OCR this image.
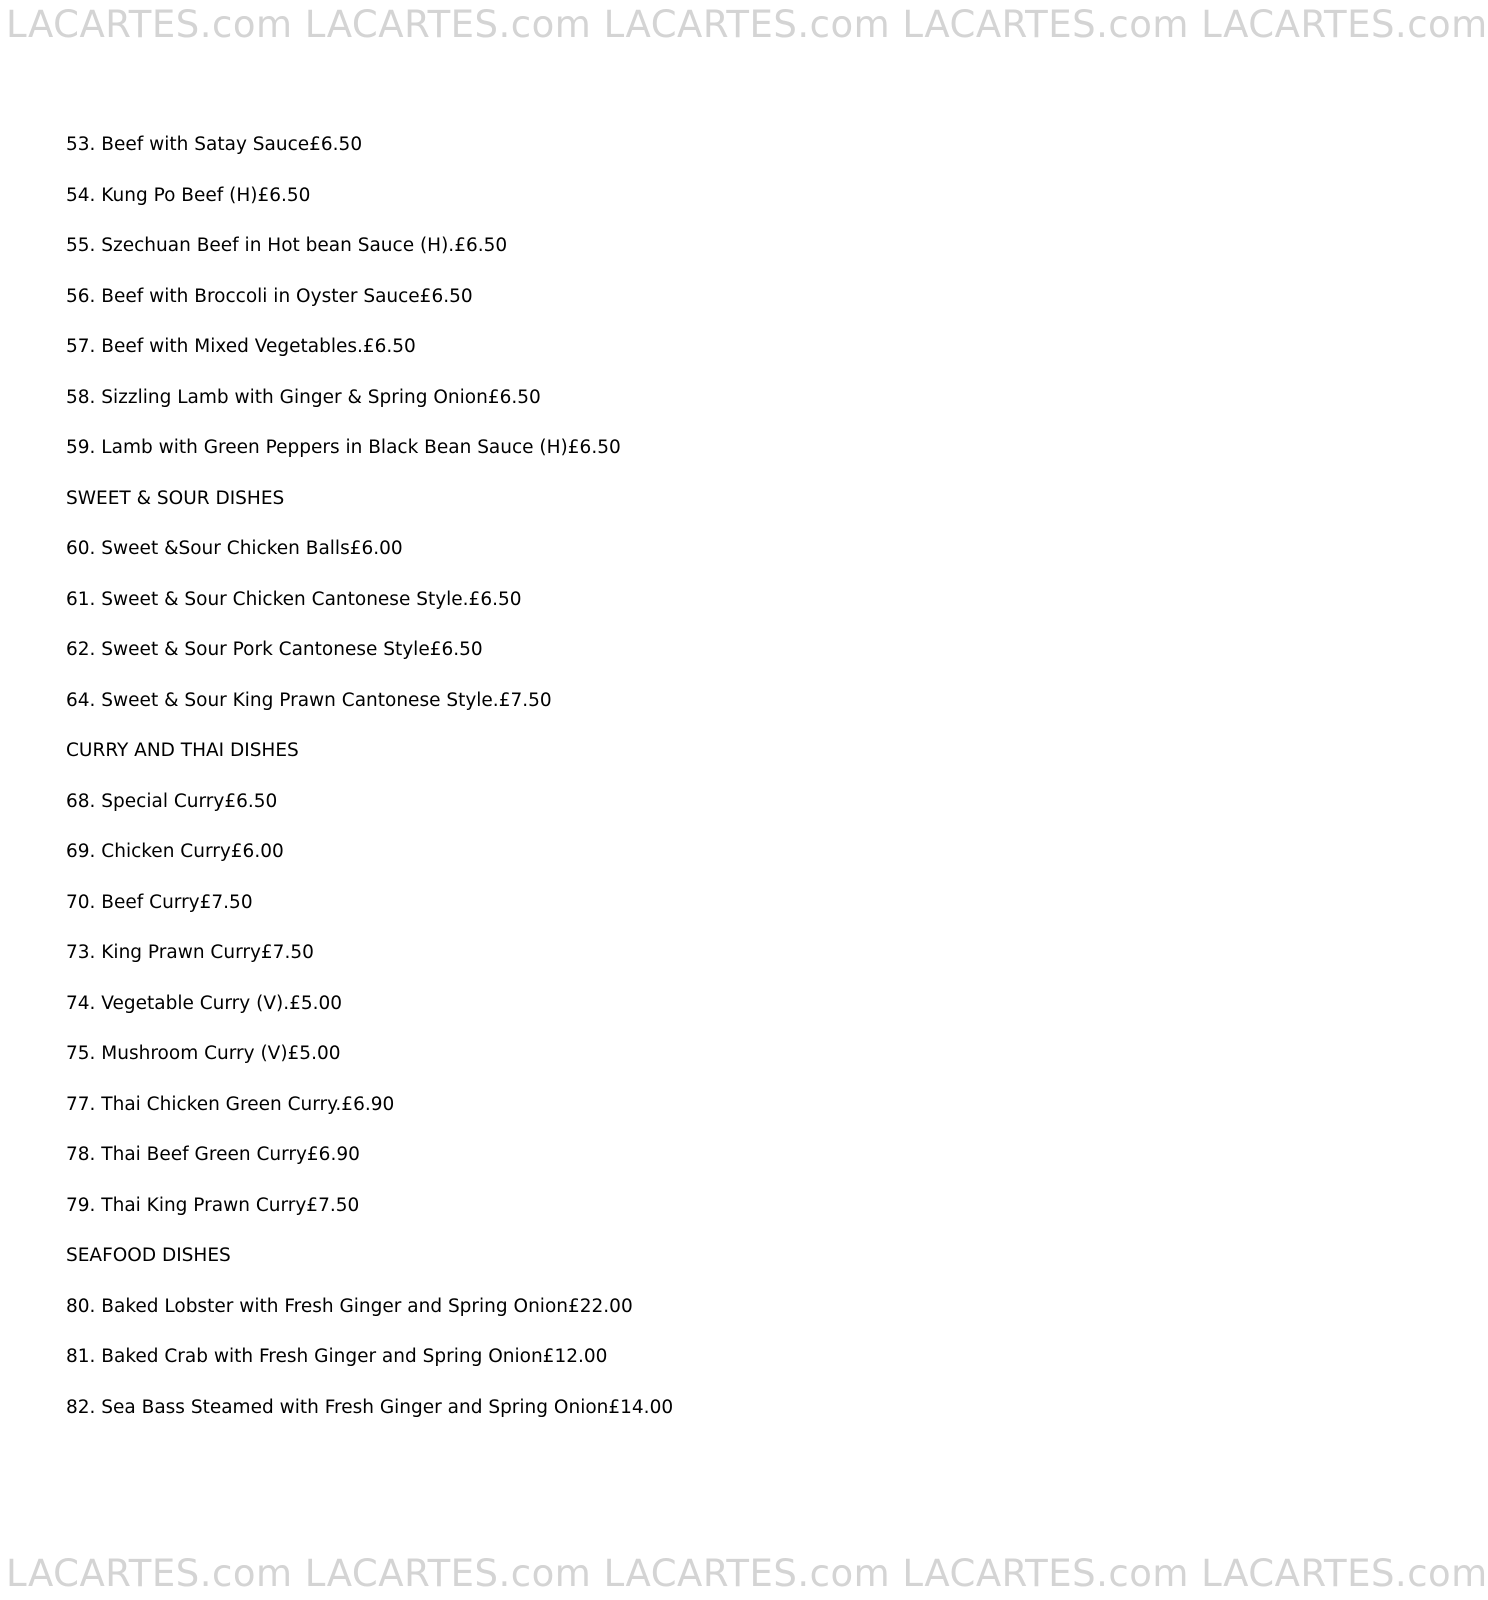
LACARTES.com LACARTES.com LACARTES.com LACARTES.com LACARTES.com
53. Beef with Satay Sauce£6.50
54. Kung Po Beef (H)£6.50
55. Szechuan Beef in Hot bean Sauce (H).£6.50
56. Beef with Broccoli in Oyster Sauce£6.50
57. Beef with Mixed Vegetables.£6.50
58. Sizzling Lamb with Ginger & Spring Onion£6.50
59. Lamb with Green Peppers in Black Bean Sauce (H)£6.50
SWEET & SOUR DISHES
60. Sweet &Sour Chicken Balls£6.00
61. Sweet & Sour Chicken Cantonese Style.£6.50
62. Sweet & Sour Pork Cantonese Style£6.50
64. Sweet & Sour King Prawn Cantonese Style.£7.50
CURRY AND THAI DISHES
68. Special Curry£6.50
69. Chicken Curry£6.00
70. Beef Curry£7.50
73. King Prawn Curry£7.50
74. Vegetable Curry (V).£5.00
75. Mushroom Curry (V)£5.00
77. Thai Chicken Green Curry.£6.90
78. Thai Beef Green Curry£6.90
79. Thai King Prawn Curry£7.50
SEAFOOD DISHES
80. Baked Lobster with Fresh Ginger and Spring Onion£22.00
81. Baked Crab with Fresh Ginger and Spring Onion£12.00
82. Sea Bass Steamed with Fresh Ginger and Spring Onion£14.00
LACARTES.com LACARTES.com LACARTES.com LACARTES.com LACARTES.com
